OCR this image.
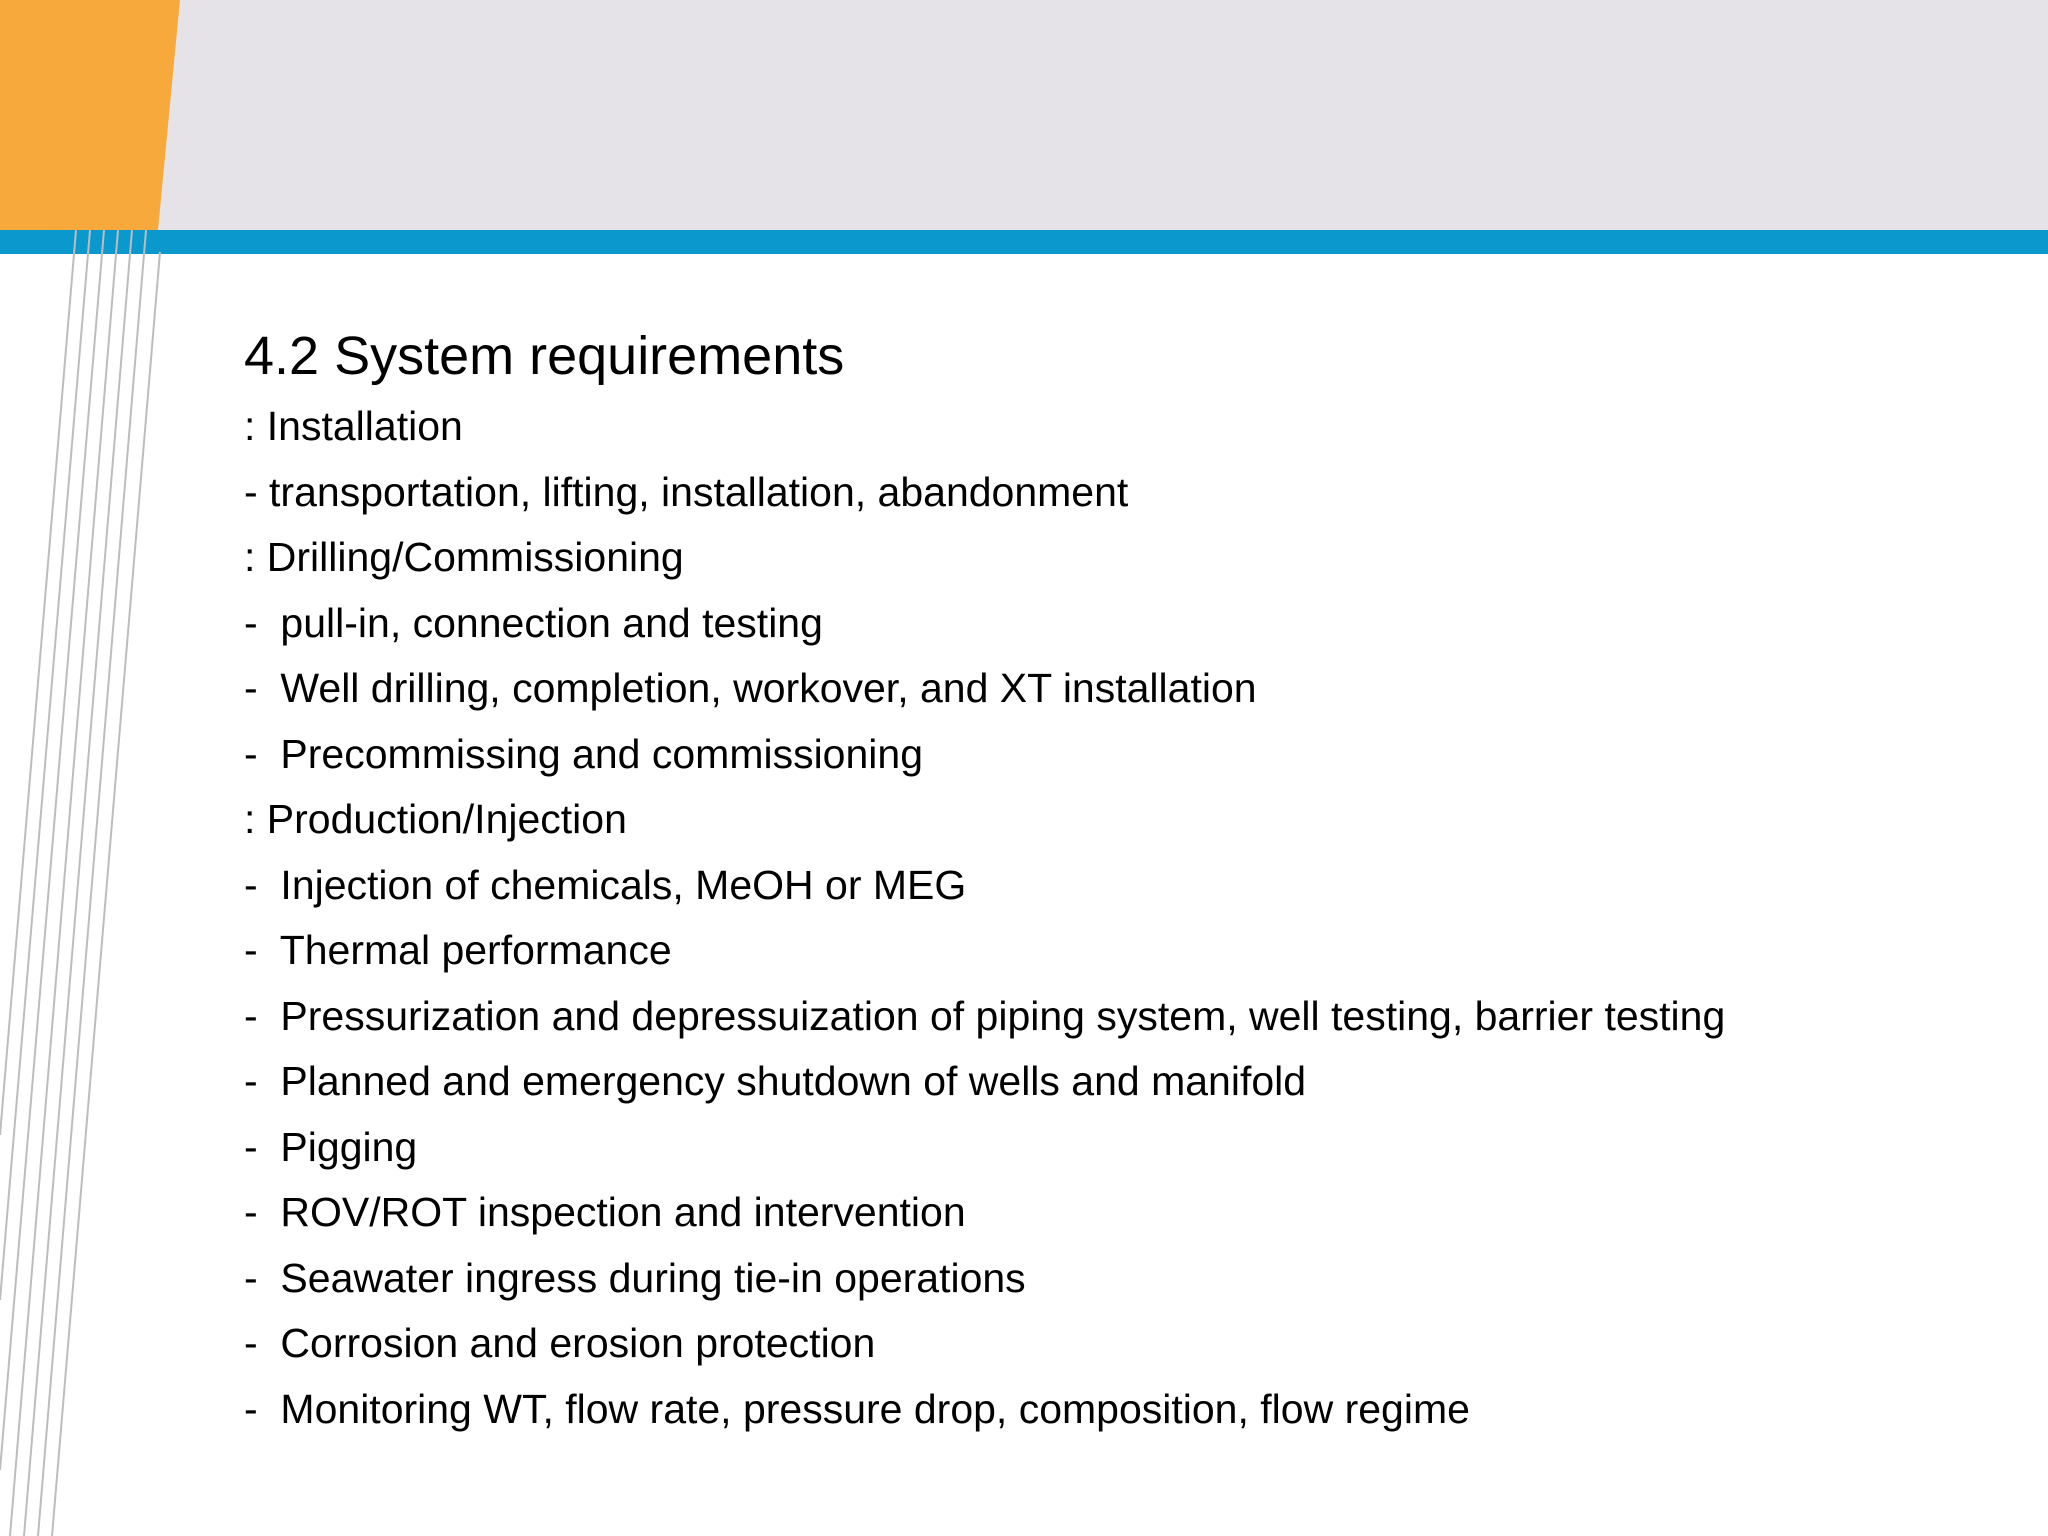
4.2 System requirements
: Installation
- transportation, lifting, installation, abandonment
: Drilling/Commissioning
-  pull-in, connection and testing
-  Well drilling, completion, workover, and XT installation
-  Precommissing and commissioning
: Production/Injection
-  Injection of chemicals, MeOH or MEG
-  Thermal performance
-  Pressurization and depressuization of piping system, well testing, barrier testing
-  Planned and emergency shutdown of wells and manifold
-  Pigging
-  ROV/ROT inspection and intervention
-  Seawater ingress during tie-in operations
-  Corrosion and erosion protection
-  Monitoring WT, flow rate, pressure drop, composition, flow regime
